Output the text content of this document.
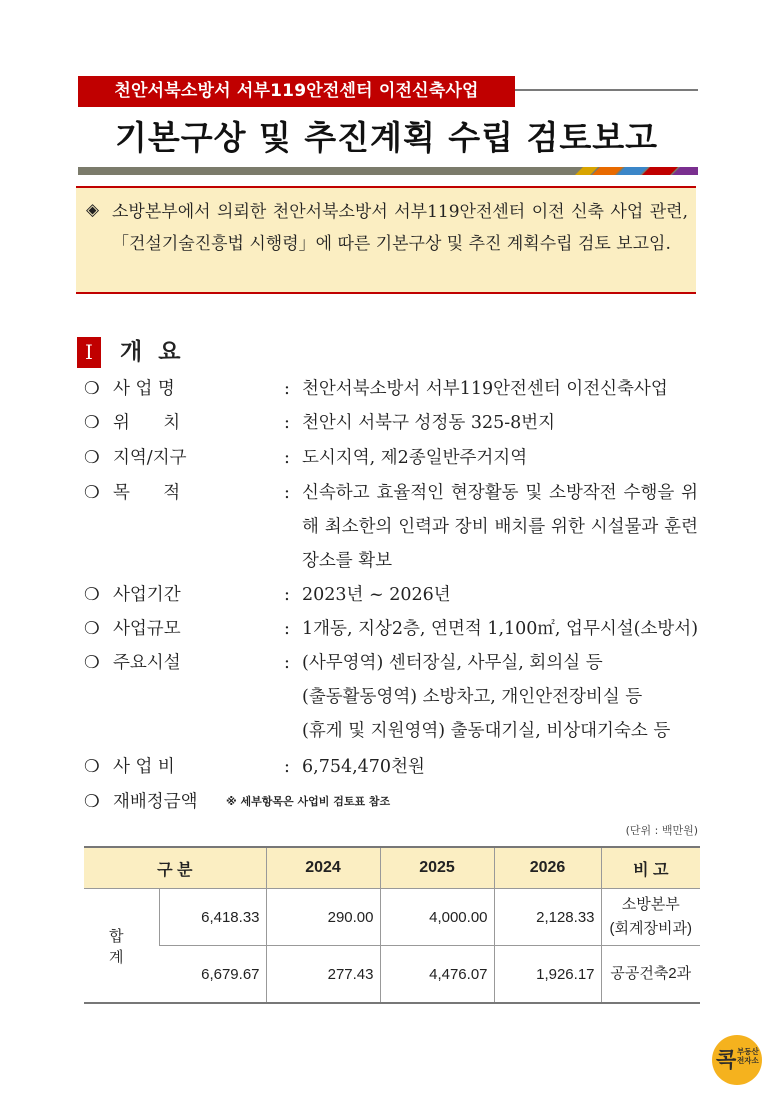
천안서북소방서 서부119안전센터 이전신축사업
기본구상 및 추진계획 수립 검토보고
◈ 소방본부에서 의뢰한 천안서북소방서 서부119안전센터 이전 신축 사업 관련, 「건설기술진흥법 시행령」에 따른 기본구상 및 추진 계획수립 검토 보고임.
I	개 요
❍ 사 업 명	: 천안서북소방서 서부119안전센터 이전신축사업
❍ 위      치	: 천안시 서북구 성정동 325-8번지
❍ 지역/지구	: 도시지역, 제2종일반주거지역
❍ 목      적	: 신속하고 효율적인 현장활동 및 소방작전 수행을 위해 최소한의 인력과 장비 배치를 위한 시설물과 훈련 장소를 확보
❍ 사업기간	: 2023년 ~ 2026년
❍ 사업규모	: 1개동, 지상2층, 연면적 1,100㎡, 업무시설(소방서)
❍ 주요시설	: (사무영역) 센터장실, 사무실, 회의실 등
(출동활동영역) 소방차고, 개인안전장비실 등
(휴게 및 지원영역) 출동대기실, 비상대기숙소 등
❍ 사 업 비	: 6,754,470천원
❍ 재배정금액	※ 세부항목은 사업비 검토표 참조
(단위 : 백만원)
구 분		2024	2025	2026	비 고
합 계	6,418.33	290.00	4,000.00	2,128.33	소방본부
(회계장비과)

	6,679.67	277.43	4,476.07	1,926.17	공공건축2과
콕 부동산 전자소
